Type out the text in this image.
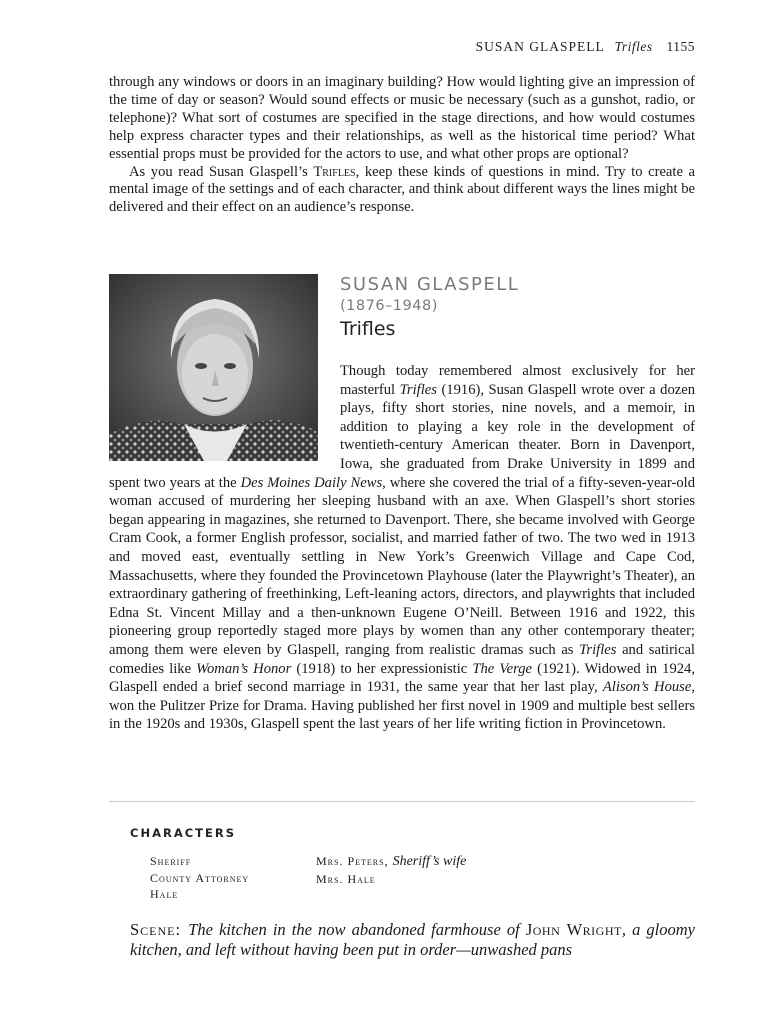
SUSAN GLASPELL Trifles 1155

through any windows or doors in an imaginary building? How would lighting give an impression of the time of day or season? Would sound effects or music be necessary (such as a gunshot, radio, or telephone)? What sort of costumes are specified in the stage directions, and how would costumes help express character types and their relationships, as well as the historical time period? What essential props must be provided for the actors to use, and what other props are optional?

As you read Susan Glaspell’s Trifles, keep these kinds of questions in mind. Try to create a mental image of the settings and of each character, and think about different ways the lines might be delivered and their effect on an audience’s response.

SUSAN GLASPELL
(1876–1948)
Trifles

Though today remembered almost exclusively for her masterful Trifles (1916), Susan Glaspell wrote over a dozen plays, fifty short stories, nine novels, and a memoir, in addition to playing a key role in the development of twentieth-century American theater. Born in Davenport, Iowa, she graduated from Drake University in 1899 and spent two years at the Des Moines Daily News, where she covered the trial of a fifty-seven-year-old woman accused of murdering her sleeping husband with an axe. When Glaspell’s short stories began appearing in magazines, she returned to Davenport. There, she became involved with George Cram Cook, a former English professor, socialist, and married father of two. The two wed in 1913 and moved east, eventually settling in New York’s Greenwich Village and Cape Cod, Massachusetts, where they founded the Provincetown Playhouse (later the Playwright’s Theater), an extraordinary gathering of freethinking, Left-leaning actors, directors, and playwrights that included Edna St. Vincent Millay and a then-unknown Eugene O’Neill. Between 1916 and 1922, this pioneering group reportedly staged more plays by women than any other contemporary theater; among them were eleven by Glaspell, ranging from realistic dramas such as Trifles and satirical comedies like Woman’s Honor (1918) to her expressionistic The Verge (1921). Widowed in 1924, Glaspell ended a brief second marriage in 1931, the same year that her last play, Alison’s House, won the Pulitzer Prize for Drama. Having published her first novel in 1909 and multiple best sellers in the 1920s and 1930s, Glaspell spent the last years of her life writing fiction in Provincetown.

CHARACTERS
Sheriff
County Attorney
Hale
Mrs. Peters, Sheriff’s wife
Mrs. Hale
Scene: The kitchen in the now abandoned farmhouse of John Wright, a gloomy kitchen, and left without having been put in order—unwashed pans
